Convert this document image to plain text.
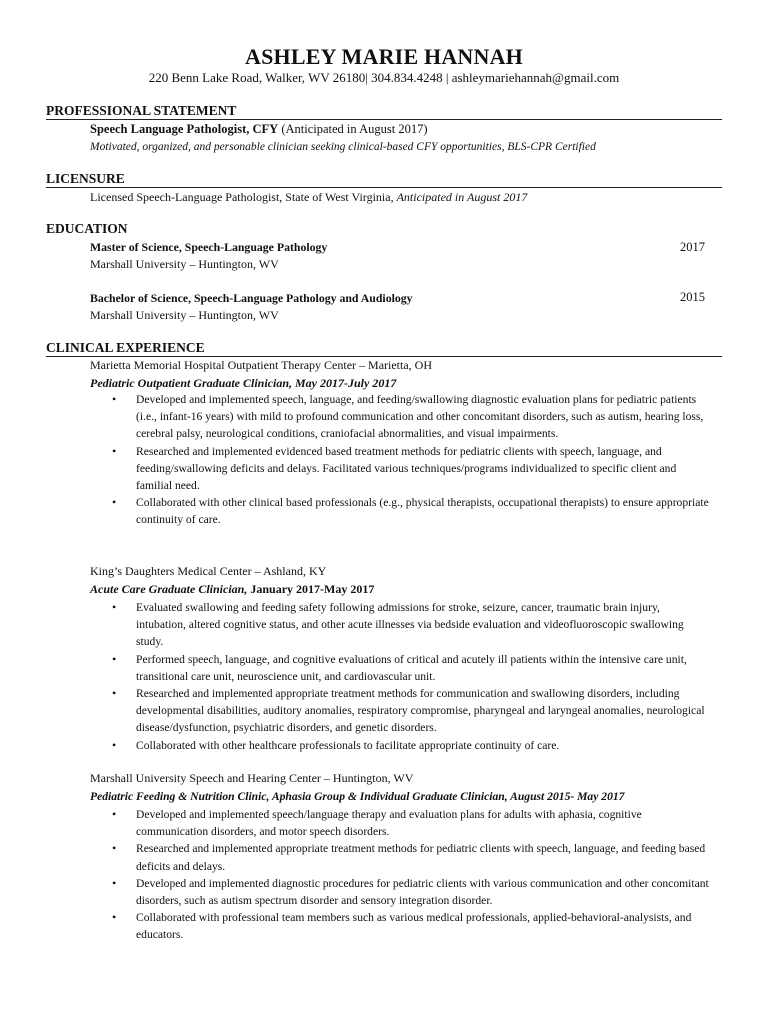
ASHLEY MARIE HANNAH
220 Benn Lake Road, Walker, WV 26180| 304.834.4248 | ashleymariehannah@gmail.com
PROFESSIONAL STATEMENT
Speech Language Pathologist, CFY (Anticipated in August 2017)
Motivated, organized, and personable clinician seeking clinical-based CFY opportunities, BLS-CPR Certified
LICENSURE
Licensed Speech-Language Pathologist, State of West Virginia, Anticipated in August 2017
EDUCATION
Master of Science, Speech-Language Pathology	2017
Marshall University – Huntington, WV
Bachelor of Science, Speech-Language Pathology and Audiology	2015
Marshall University – Huntington, WV
CLINICAL EXPERIENCE
Marietta Memorial Hospital Outpatient Therapy Center – Marietta, OH
Pediatric Outpatient Graduate Clinician, May 2017-July 2017
• Developed and implemented speech, language, and feeding/swallowing diagnostic evaluation plans for pediatric patients (i.e., infant-16 years) with mild to profound communication and other concomitant disorders, such as autism, hearing loss, cerebral palsy, neurological conditions, craniofacial abnormalities, and visual impairments.
• Researched and implemented evidenced based treatment methods for pediatric clients with speech, language, and feeding/swallowing deficits and delays. Facilitated various techniques/programs individualized to specific client and familial need.
• Collaborated with other clinical based professionals (e.g., physical therapists, occupational therapists) to ensure appropriate continuity of care.
King’s Daughters Medical Center – Ashland, KY
Acute Care Graduate Clinician, January 2017-May 2017
• Evaluated swallowing and feeding safety following admissions for stroke, seizure, cancer, traumatic brain injury, intubation, altered cognitive status, and other acute illnesses via bedside evaluation and videofluoroscopic swallowing study.
• Performed speech, language, and cognitive evaluations of critical and acutely ill patients within the intensive care unit, transitional care unit, neuroscience unit, and cardiovascular unit.
• Researched and implemented appropriate treatment methods for communication and swallowing disorders, including developmental disabilities, auditory anomalies, respiratory compromise, pharyngeal and laryngeal anomalies, neurological disease/dysfunction, psychiatric disorders, and genetic disorders.
• Collaborated with other healthcare professionals to facilitate appropriate continuity of care.
Marshall University Speech and Hearing Center – Huntington, WV
Pediatric Feeding & Nutrition Clinic, Aphasia Group & Individual Graduate Clinician, August 2015- May 2017
• Developed and implemented speech/language therapy and evaluation plans for adults with aphasia, cognitive communication disorders, and motor speech disorders.
• Researched and implemented appropriate treatment methods for pediatric clients with speech, language, and feeding based deficits and delays.
• Developed and implemented diagnostic procedures for pediatric clients with various communication and other concomitant disorders, such as autism spectrum disorder and sensory integration disorder.
• Collaborated with professional team members such as various medical professionals, applied-behavioral-analysists, and educators.
